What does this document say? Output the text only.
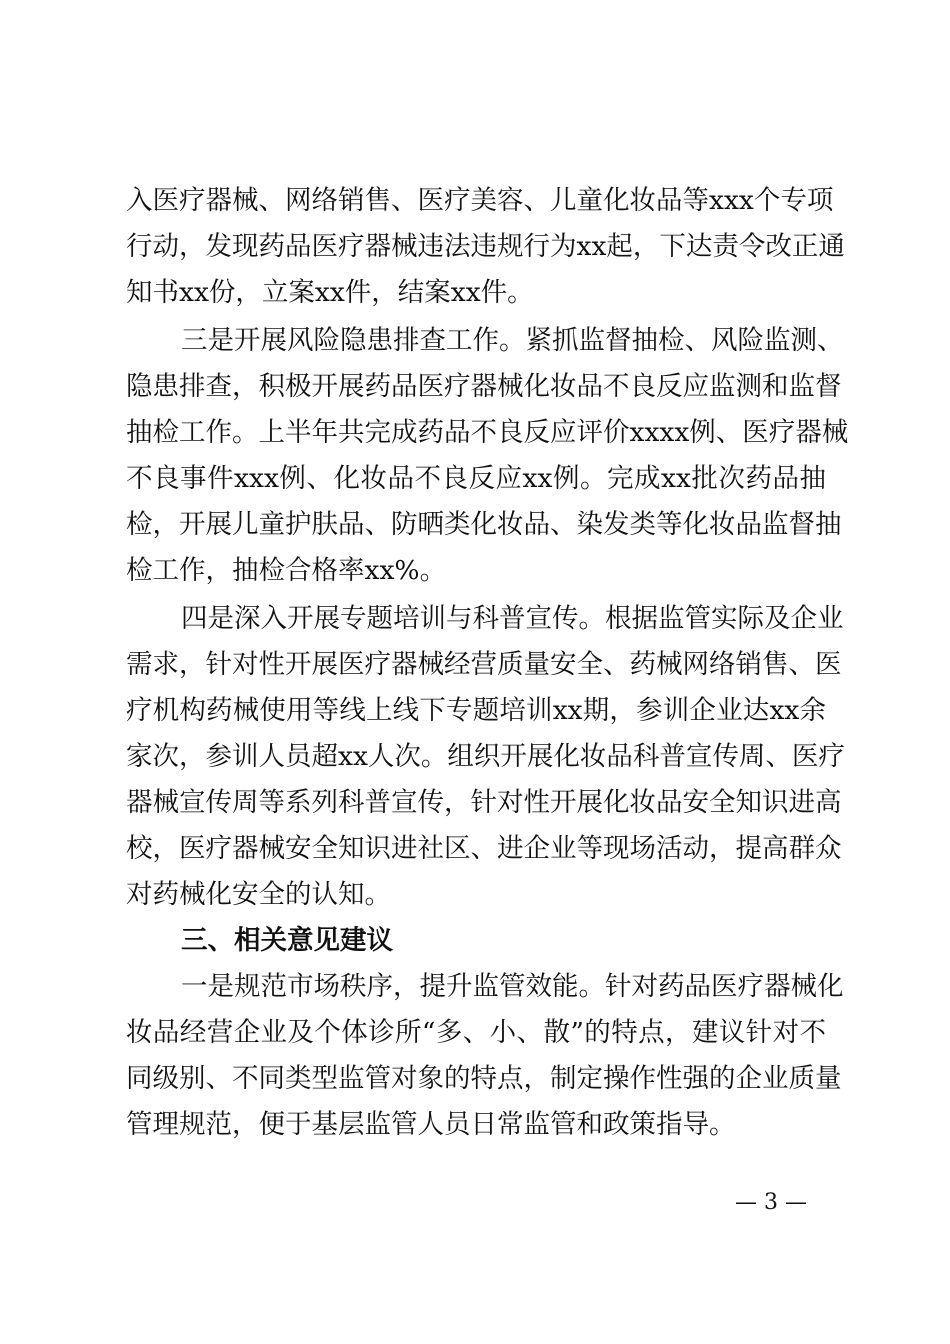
入医疗器械、网络销售、医疗美容、儿童化妆品等xxx个专项
行动，发现药品医疗器械违法违规行为xx起，下达责令改正通
知书xx份，立案xx件，结案xx件。
三是开展风险隐患排查工作。紧抓监督抽检、风险监测、
隐患排查，积极开展药品医疗器械化妆品不良反应监测和监督
抽检工作。上半年共完成药品不良反应评价xxxx例、医疗器械
不良事件xxx例、化妆品不良反应xx例。完成xx批次药品抽
检，开展儿童护肤品、防晒类化妆品、染发类等化妆品监督抽
检工作，抽检合格率xx%。
四是深入开展专题培训与科普宣传。根据监管实际及企业
需求，针对性开展医疗器械经营质量安全、药械网络销售、医
疗机构药械使用等线上线下专题培训xx期，参训企业达xx余
家次，参训人员超xx人次。组织开展化妆品科普宣传周、医疗
器械宣传周等系列科普宣传，针对性开展化妆品安全知识进高
校，医疗器械安全知识进社区、进企业等现场活动，提高群众
对药械化安全的认知。
三、相关意见建议
一是规范市场秩序，提升监管效能。针对药品医疗器械化
妆品经营企业及个体诊所“多、小、散”的特点，建议针对不
同级别、不同类型监管对象的特点，制定操作性强的企业质量
管理规范，便于基层监管人员日常监管和政策指导。
— 3 —
